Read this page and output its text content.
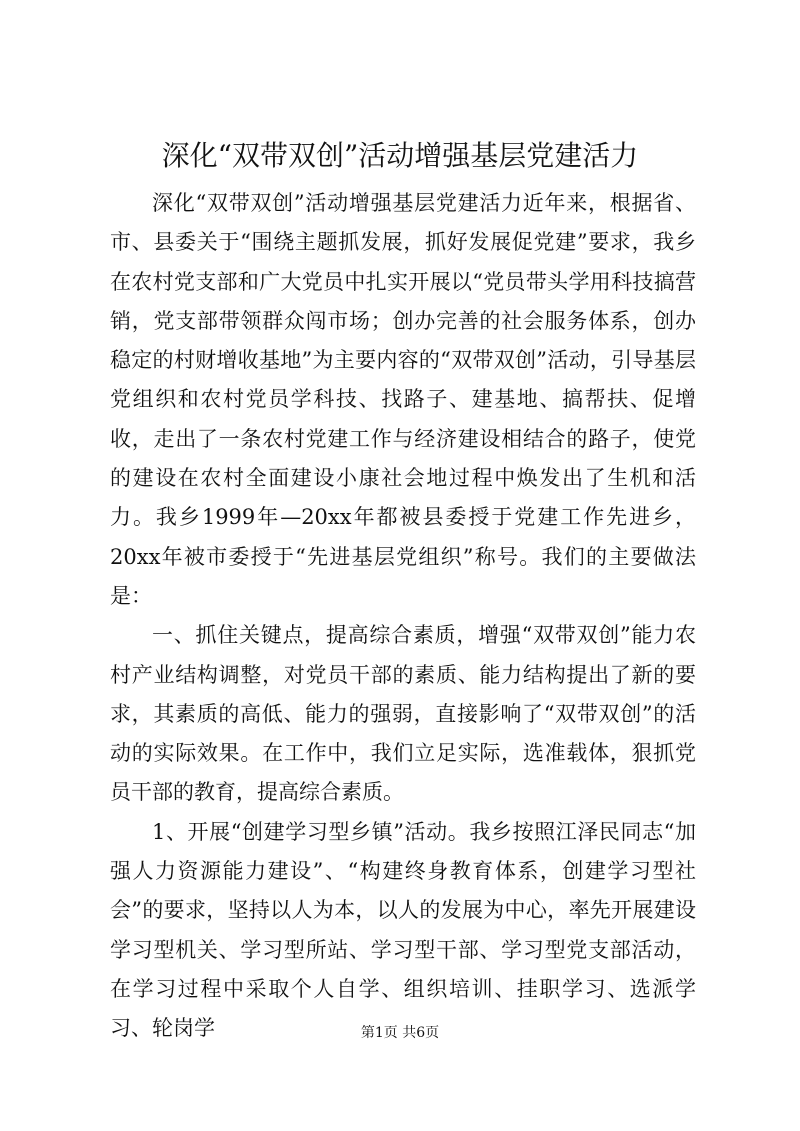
深化“双带双创”活动增强基层党建活力

深化“双带双创”活动增强基层党建活力近年来，根据省、市、县委关于“围绕主题抓发展，抓好发展促党建”要求，我乡在农村党支部和广大党员中扎实开展以“党员带头学用科技搞营销，党支部带领群众闯市场；创办完善的社会服务体系，创办稳定的村财增收基地”为主要内容的“双带双创”活动，引导基层党组织和农村党员学科技、找路子、建基地、搞帮扶、促增收，走出了一条农村党建工作与经济建设相结合的路子，使党的建设在农村全面建设小康社会地过程中焕发出了生机和活力。我乡1999年—20xx年都被县委授于党建工作先进乡，20xx年被市委授于“先进基层党组织”称号。我们的主要做法是：

一、抓住关键点，提高综合素质，增强“双带双创”能力农村产业结构调整，对党员干部的素质、能力结构提出了新的要求，其素质的高低、能力的强弱，直接影响了“双带双创”的活动的实际效果。在工作中，我们立足实际，选准载体，狠抓党员干部的教育，提高综合素质。

1、开展“创建学习型乡镇”活动。我乡按照江泽民同志“加强人力资源能力建设”、“构建终身教育体系，创建学习型社会”的要求，坚持以人为本，以人的发展为中心，率先开展建设学习型机关、学习型所站、学习型干部、学习型党支部活动，在学习过程中采取个人自学、组织培训、挂职学习、选派学习、轮岗学	第1页 共6页
